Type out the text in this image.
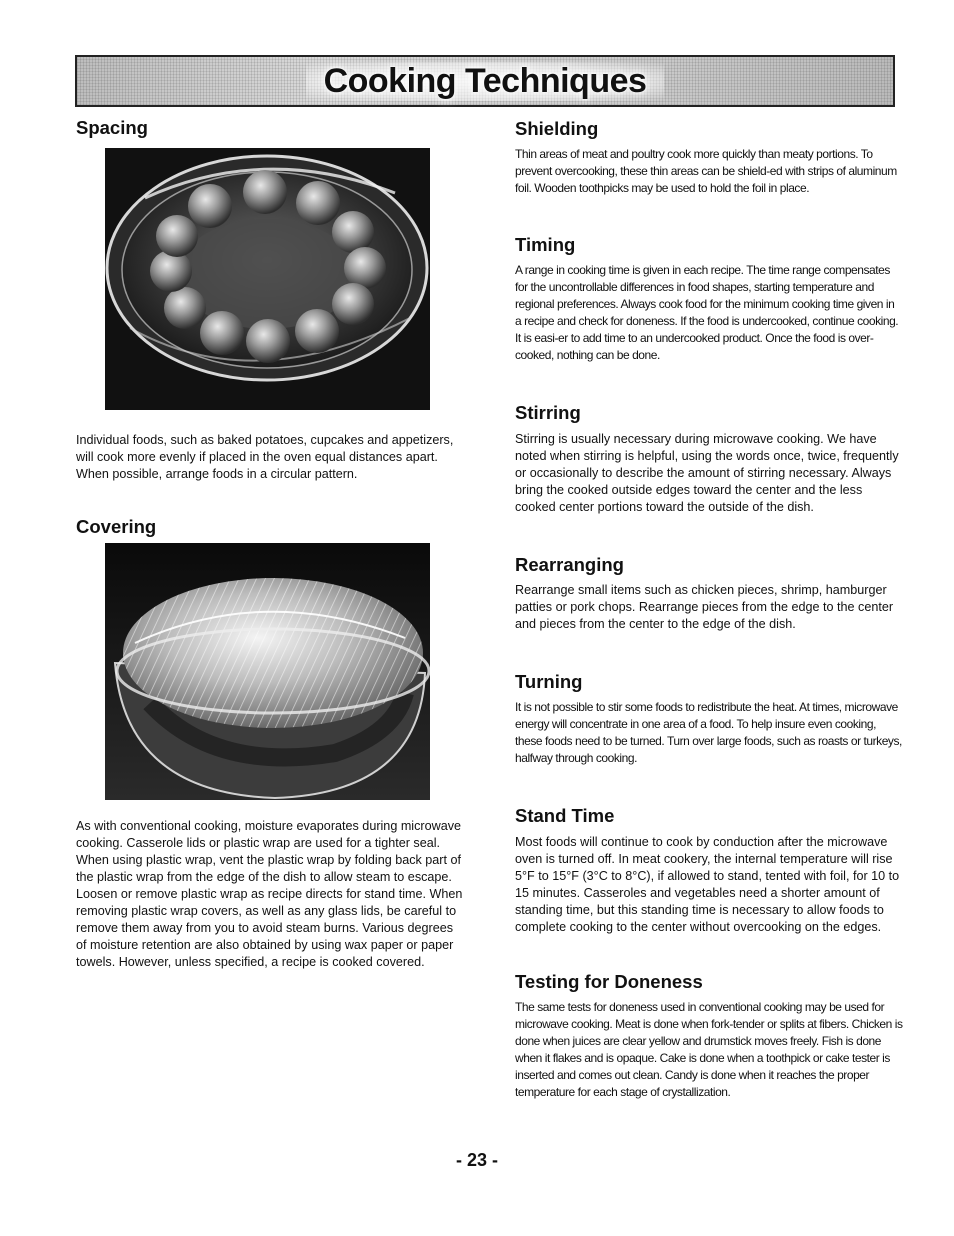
Cooking Techniques
Spacing

Individual foods, such as baked potatoes, cupcakes and appetizers, will cook more evenly if placed in the oven equal distances apart. When possible, arrange foods in a circular pattern.

Covering

As with conventional cooking, moisture evaporates during microwave cooking. Casserole lids or plastic wrap are used for a tighter seal. When using plastic wrap, vent the plastic wrap by folding back part of the plastic wrap from the edge of the dish to allow steam to escape. Loosen or remove plastic wrap as recipe directs for stand time. When removing plastic wrap covers, as well as any glass lids, be careful to remove them away from you to avoid steam burns. Various degrees of moisture retention are also obtained by using wax paper or paper towels. However, unless specified, a recipe is cooked covered.

Shielding

Thin areas of meat and poultry cook more quickly than meaty portions. To prevent overcooking, these thin areas can be shield-ed with strips of aluminum foil. Wooden toothpicks may be used to hold the foil in place.

Timing

A range in cooking time is given in each recipe. The time range compensates for the uncontrollable differences in food shapes, starting temperature and regional preferences. Always cook food for the minimum cooking time given in a recipe and check for doneness. If the food is undercooked, continue cooking. It is easi-er to add time to an undercooked product. Once the food is over-cooked, nothing can be done.

Stirring

Stirring is usually necessary during microwave cooking. We have noted when stirring is helpful, using the words once, twice, frequently or occasionally to describe the amount of stirring necessary. Always bring the cooked outside edges toward the center and the less cooked center portions toward the outside of the dish.

Rearranging

Rearrange small items such as chicken pieces, shrimp, hamburger patties or pork chops. Rearrange pieces from the edge to the center and pieces from the center to the edge of the dish.

Turning

It is not possible to stir some foods to redistribute the heat. At times, microwave energy will concentrate in one area of a food. To help insure even cooking, these foods need to be turned. Turn over large foods, such as roasts or turkeys, halfway through cooking.

Stand Time

Most foods will continue to cook by conduction after the microwave oven is turned off. In meat cookery, the internal temperature will rise 5°F to 15°F (3°C to 8°C), if allowed to stand, tented with foil, for 10 to 15 minutes. Casseroles and vegetables need a shorter amount of standing time, but this standing time is necessary to allow foods to complete cooking to the center without overcooking on the edges.

Testing for Doneness

The same tests for doneness used in conventional cooking may be used for microwave cooking. Meat is done when fork-tender or splits at fibers. Chicken is done when juices are clear yellow and drumstick moves freely. Fish is done when it flakes and is opaque. Cake is done when a toothpick or cake tester is inserted and comes out clean. Candy is done when it reaches the proper temperature for each stage of crystallization.

- 23 -
